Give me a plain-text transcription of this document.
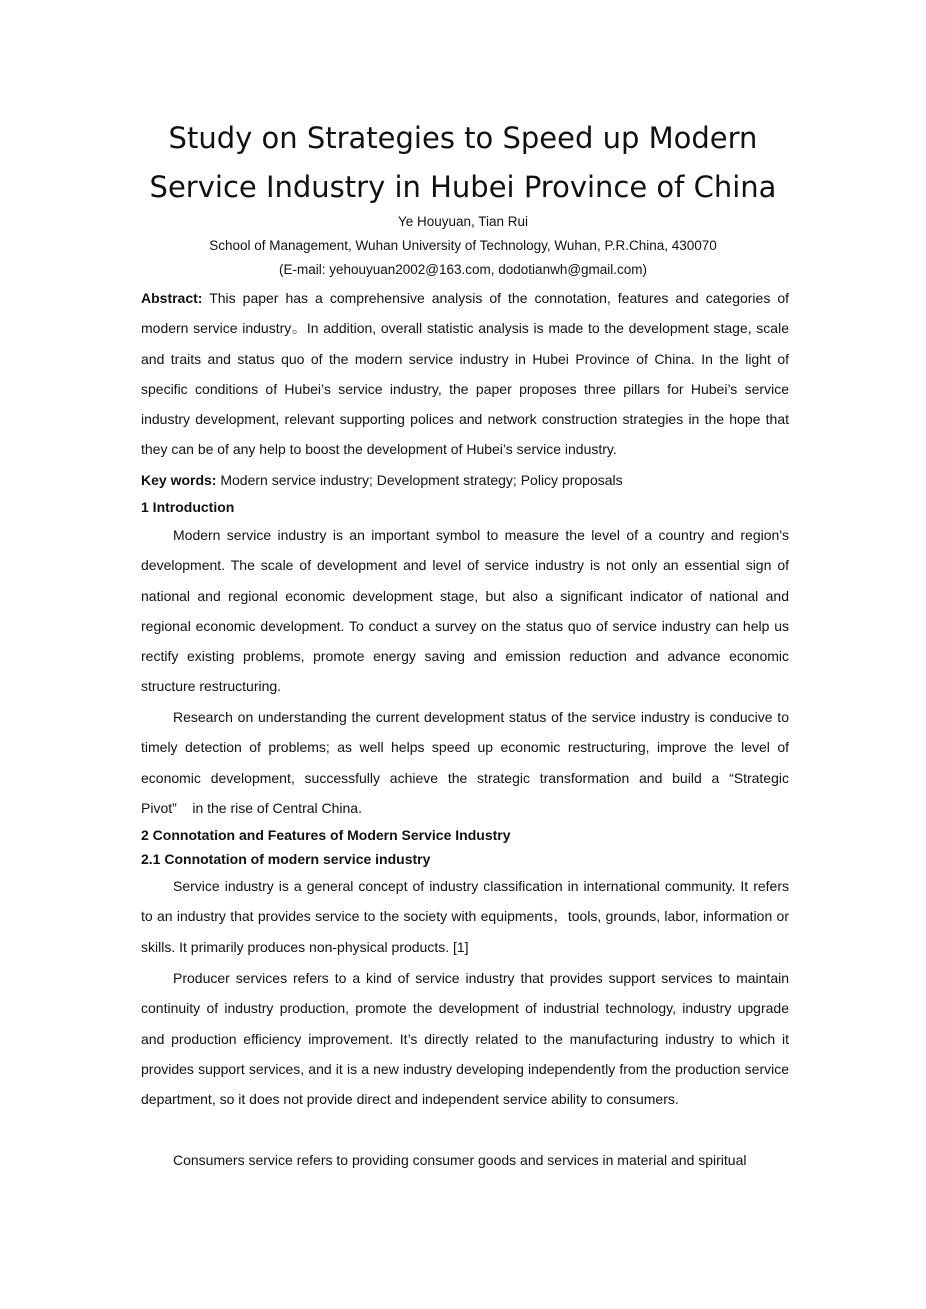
Study on Strategies to Speed up Modern
Service Industry in Hubei Province of China
Ye Houyuan, Tian Rui
School of Management, Wuhan University of Technology, Wuhan, P.R.China, 430070
(E-mail: yehouyuan2002@163.com, dodotianwh@gmail.com)
Abstract: This paper has a comprehensive analysis of the connotation, features and categories of modern service industry。In addition, overall statistic analysis is made to the development stage, scale and traits and status quo of the modern service industry in Hubei Province of China. In the light of specific conditions of Hubei’s service industry, the paper proposes three pillars for Hubei’s service industry development, relevant supporting polices and network construction strategies in the hope that they can be of any help to boost the development of Hubei’s service industry.
Key words: Modern service industry; Development strategy; Policy proposals
1 Introduction
Modern service industry is an important symbol to measure the level of a country and region's development. The scale of development and level of service industry is not only an essential sign of national and regional economic development stage, but also a significant indicator of national and regional economic development. To conduct a survey on the status quo of service industry can help us rectify existing problems, promote energy saving and emission reduction and advance economic structure restructuring.
Research on understanding the current development status of the service industry is conducive to timely detection of problems; as well helps speed up economic restructuring, improve the level of economic development, successfully achieve the strategic transformation and build a “Strategic Pivot”    in the rise of Central China.
2 Connotation and Features of Modern Service Industry
2.1 Connotation of modern service industry
Service industry is a general concept of industry classification in international community. It refers to an industry that provides service to the society with equipments，tools, grounds, labor, information or skills. It primarily produces non-physical products. [1]
Producer services refers to a kind of service industry that provides support services to maintain continuity of industry production, promote the development of industrial technology, industry upgrade and production efficiency improvement. It’s directly related to the manufacturing industry to which it provides support services, and it is a new industry developing independently from the production service department, so it does not provide direct and independent service ability to consumers.
Consumers service refers to providing consumer goods and services in material and spiritual
